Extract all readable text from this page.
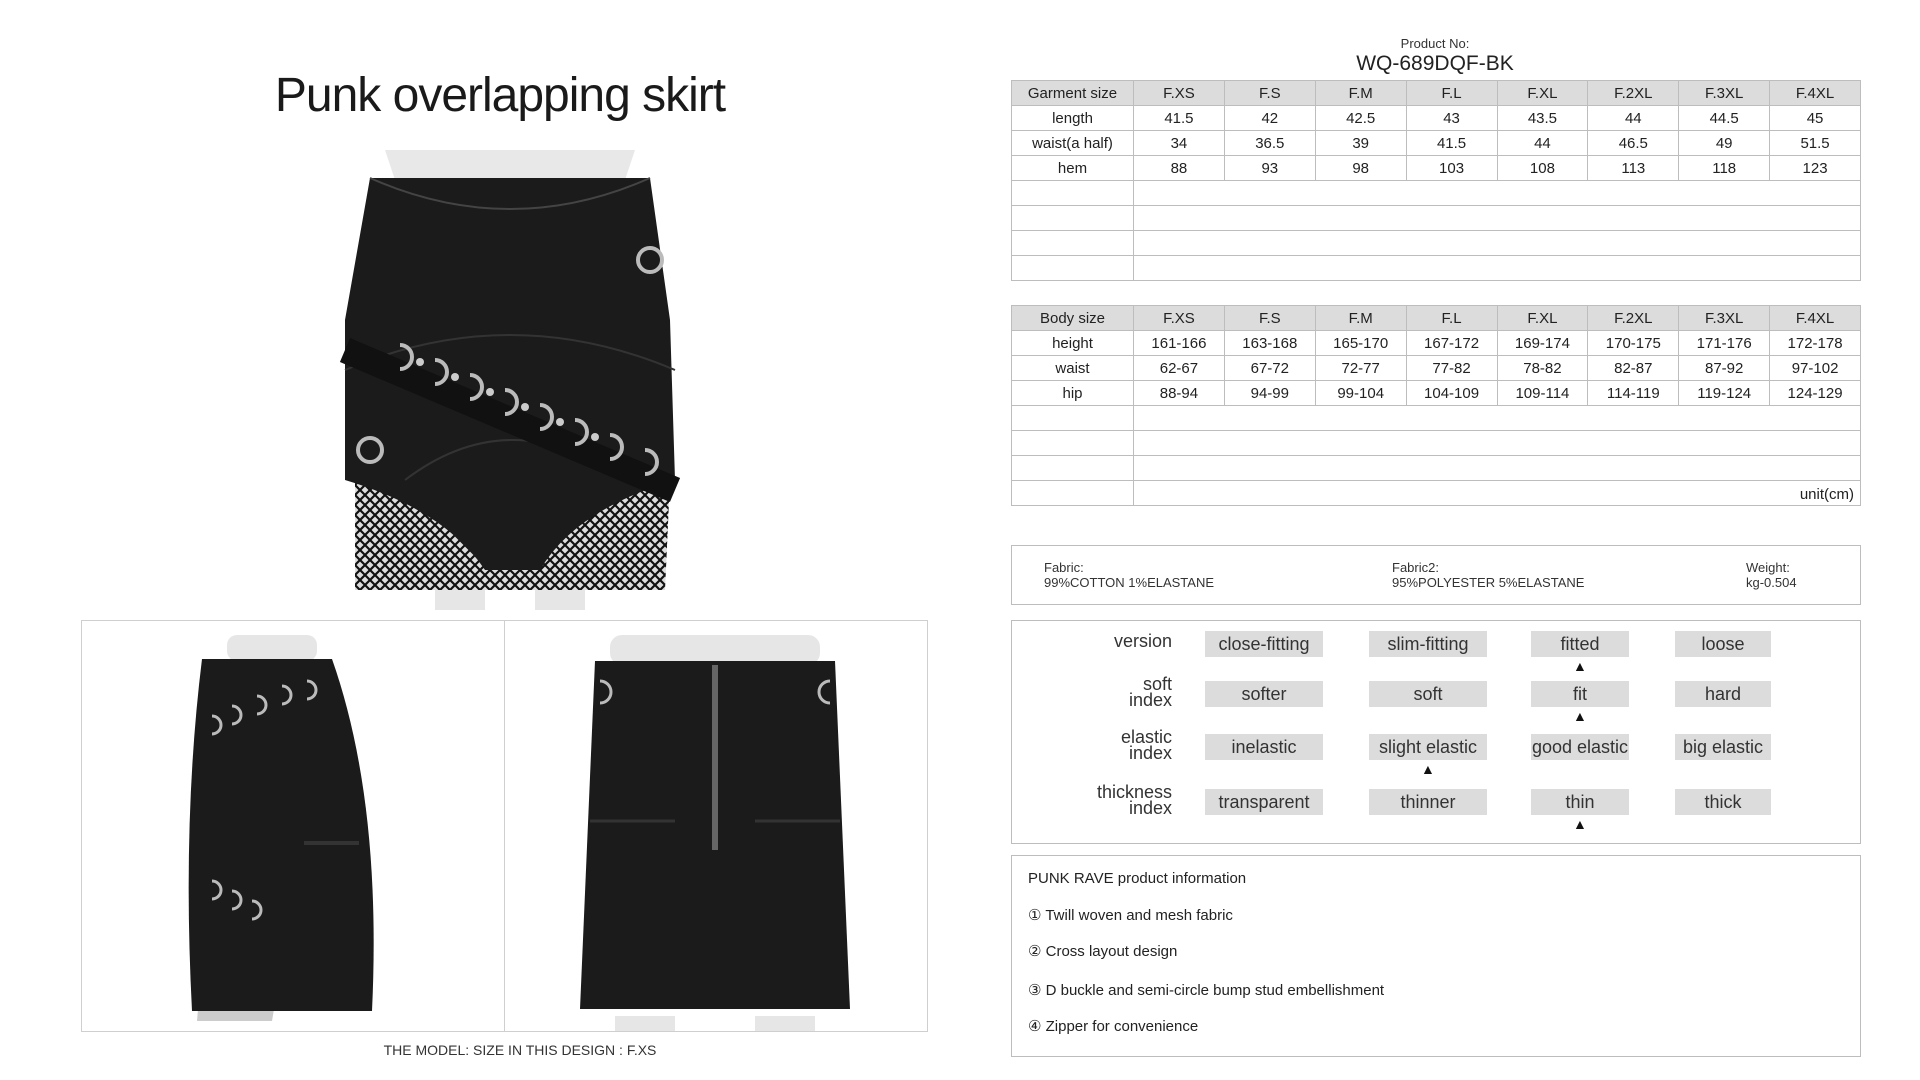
Punk overlapping skirt
THE MODEL: SIZE IN THIS DESIGN : F.XS
Product No:
WQ-689DQF-BK
Garment size	F.XS	F.S	F.M	F.L	F.XL	F.2XL	F.3XL	F.4XL
length	41.5	42	42.5	43	43.5	44	44.5	45
waist(a half)	34	36.5	39	41.5	44	46.5	49	51.5
hem	88	93	98	103	108	113	118	123

Body size	F.XS	F.S	F.M	F.L	F.XL	F.2XL	F.3XL	F.4XL
height	161-166	163-168	165-170	167-172	169-174	170-175	171-176	172-178
waist	62-67	67-72	72-77	77-82	78-82	82-87	87-92	97-102
hip	88-94	94-99	99-104	104-109	109-114	114-119	119-124	124-129

	unit(cm)							
Fabric:
99%COTTON 1%ELASTANE
Fabric2:
95%POLYESTER 5%ELASTANE
Weight:
kg-0.504
version	close-fitting	slim-fitting	fitted	loose
▲
soft
index	softer	soft	fit	hard
▲
elastic
index	inelastic	slight elastic	good elastic	big elastic
▲
thickness
index	transparent	thinner	thin	thick
▲
PUNK RAVE product information
① Twill woven and mesh fabric
② Cross layout design
③ D buckle and semi-circle bump stud embellishment
④ Zipper for convenience
